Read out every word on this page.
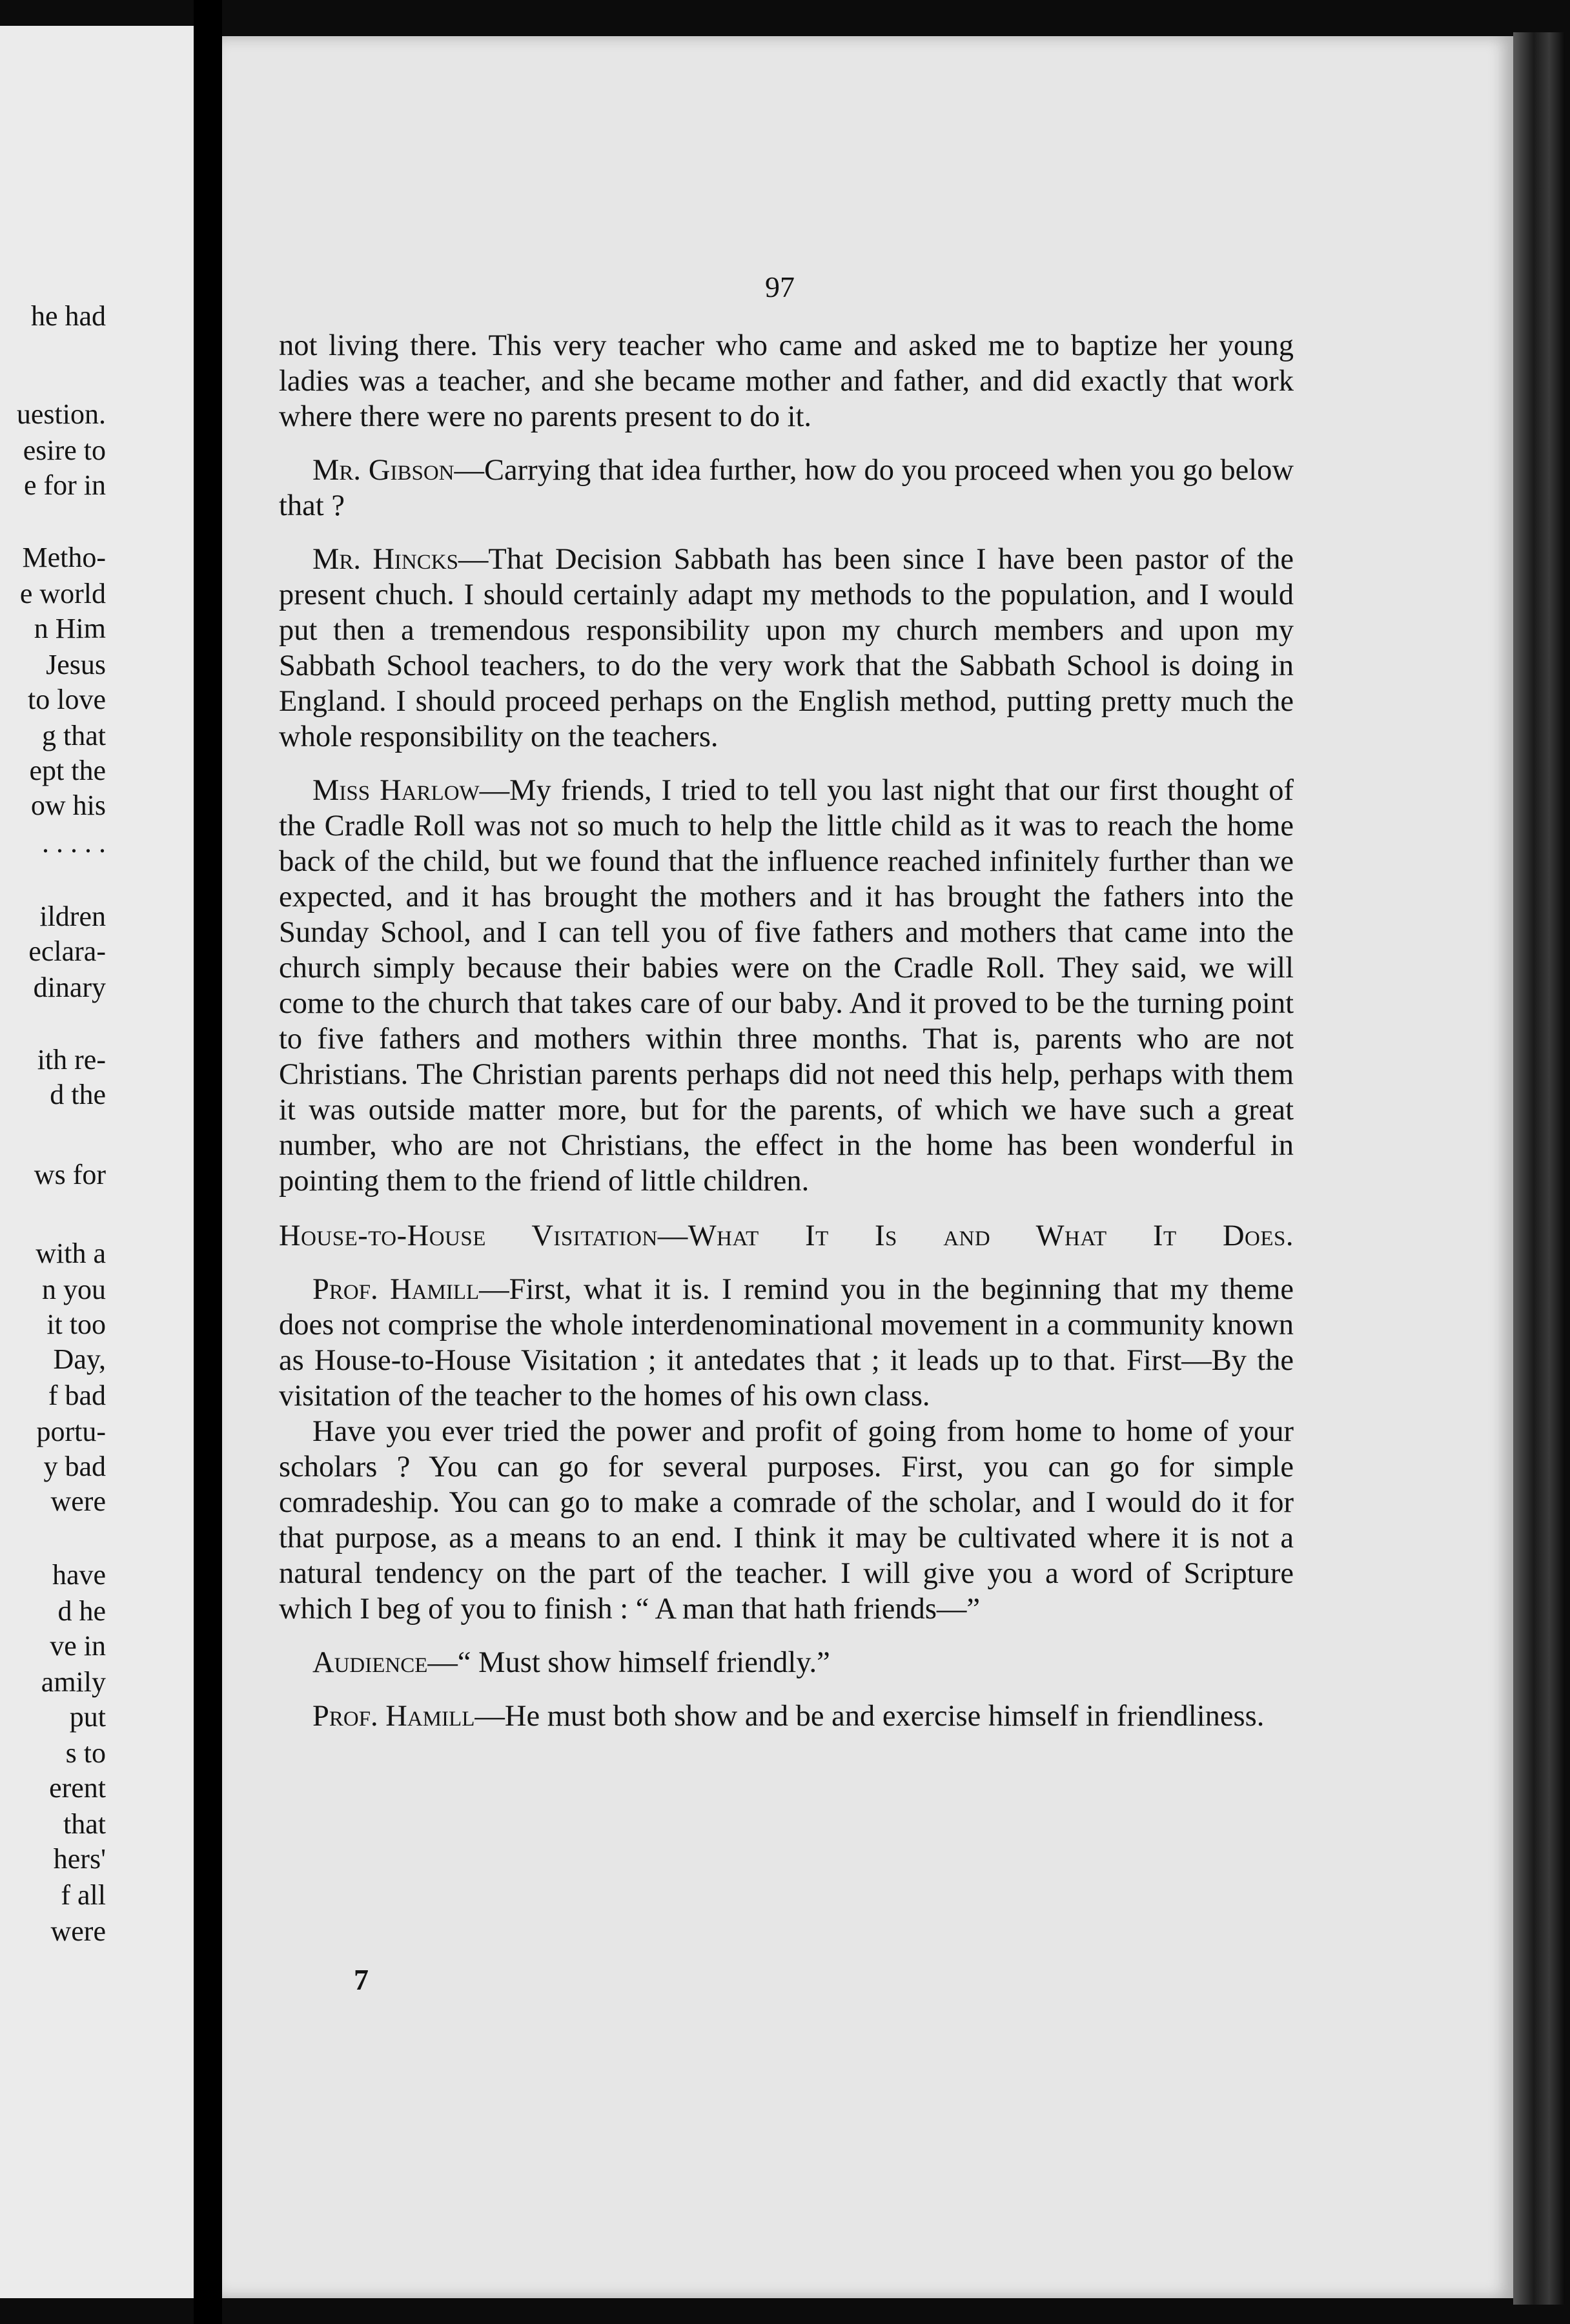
he had
uestion.
esire to
e for in
Metho-
e world
n Him
Jesus
to love
g that
ept the
ow his
. . . . .
ildren
eclara-
dinary
ith re-
d the
ws for
with a
n you
it too
Day,
f bad
portu-
y bad
were
have
d he
ve in
amily
put
s to
erent
that
hers'
f all
were
97

not living there. This very teacher who came and asked me to baptize her young ladies was a teacher, and she became mother and father, and did exactly that work where there were no parents present to do it.

Mr. Gibson—Carrying that idea further, how do you proceed when you go below that ?

Mr. Hincks—That Decision Sabbath has been since I have been pastor of the present chuch. I should certainly adapt my methods to the population, and I would put then a tremendous responsibility upon my church members and upon my Sabbath School teachers, to do the very work that the Sabbath School is doing in England. I should proceed perhaps on the English method, putting pretty much the whole responsibility on the teachers.

Miss Harlow—My friends, I tried to tell you last night that our first thought of the Cradle Roll was not so much to help the little child as it was to reach the home back of the child, but we found that the influence reached infinitely further than we expected, and it has brought the mothers and it has brought the fathers into the Sunday School, and I can tell you of five fathers and mothers that came into the church simply because their babies were on the Cradle Roll. They said, we will come to the church that takes care of our baby. And it proved to be the turning point to five fathers and mothers within three months. That is, parents who are not Christians. The Christian parents perhaps did not need this help, perhaps with them it was outside matter more, but for the parents, of which we have such a great number, who are not Christians, the effect in the home has been wonderful in pointing them to the friend of little children.

House-to-House Visitation—What It Is and What It Does.

Prof. Hamill—First, what it is. I remind you in the beginning that my theme does not comprise the whole interdenominational movement in a community known as House-to-House Visitation ; it antedates that ; it leads up to that. First—By the visitation of the teacher to the homes of his own class.

Have you ever tried the power and profit of going from home to home of your scholars ? You can go for several purposes. First, you can go for simple comradeship. You can go to make a comrade of the scholar, and I would do it for that purpose, as a means to an end. I think it may be cultivated where it is not a natural tendency on the part of the teacher. I will give you a word of Scripture which I beg of you to finish : “ A man that hath friends—”

Audience—“ Must show himself friendly.”

Prof. Hamill—He must both show and be and exercise himself in friendliness.

7
